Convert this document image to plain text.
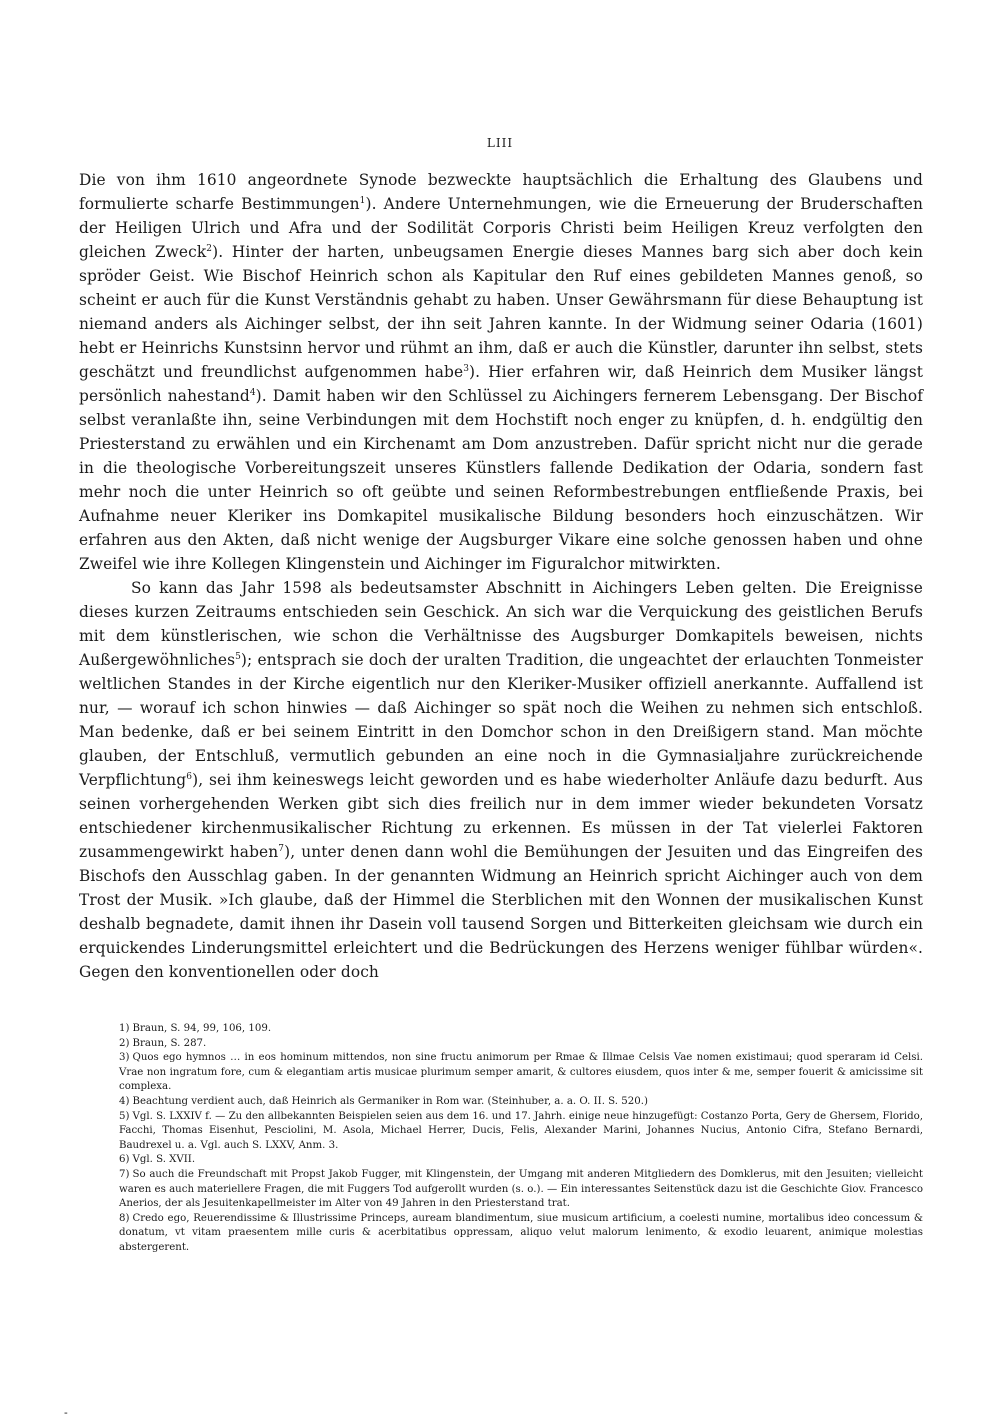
LIII

Die von ihm 1610 angeordnete Synode bezweckte hauptsächlich die Erhaltung des Glaubens und formulierte scharfe Bestimmungen$^1$). Andere Unternehmungen, wie die Erneuerung der Bruderschaften der Heiligen Ulrich und Afra und der Sodilität Corporis Christi beim Heiligen Kreuz verfolgten den gleichen Zweck$^2$). Hinter der harten, unbeugsamen Energie dieses Mannes barg sich aber doch kein spröder Geist. Wie Bischof Heinrich schon als Kapitular den Ruf eines gebildeten Mannes genoß, so scheint er auch für die Kunst Verständnis gehabt zu haben. Unser Gewährsmann für diese Behauptung ist niemand anders als Aichinger selbst, der ihn seit Jahren kannte. In der Widmung seiner Odaria (1601) hebt er Heinrichs Kunstsinn hervor und rühmt an ihm, daß er auch die Künstler, darunter ihn selbst, stets geschätzt und freundlichst aufgenommen habe$^3$). Hier erfahren wir, daß Heinrich dem Musiker längst persönlich nahestand$^4$). Damit haben wir den Schlüssel zu Aichingers fernerem Lebensgang. Der Bischof selbst veranlaßte ihn, seine Verbindungen mit dem Hochstift noch enger zu knüpfen, d. h. endgültig den Priesterstand zu erwählen und ein Kirchenamt am Dom anzustreben. Dafür spricht nicht nur die gerade in die theologische Vorbereitungszeit unseres Künstlers fallende Dedikation der Odaria, sondern fast mehr noch die unter Heinrich so oft geübte und seinen Reformbestrebungen entfließende Praxis, bei Aufnahme neuer Kleriker ins Domkapitel musikalische Bildung besonders hoch einzuschätzen. Wir erfahren aus den Akten, daß nicht wenige der Augsburger Vikare eine solche genossen haben und ohne Zweifel wie ihre Kollegen Klingenstein und Aichinger im Figuralchor mitwirkten.

So kann das Jahr 1598 als bedeutsamster Abschnitt in Aichingers Leben gelten. Die Ereignisse dieses kurzen Zeitraums entschieden sein Geschick. An sich war die Verquickung des geistlichen Berufs mit dem künstlerischen, wie schon die Verhältnisse des Augsburger Domkapitels beweisen, nichts Außergewöhnliches$^5$); entsprach sie doch der uralten Tradition, die ungeachtet der erlauchten Tonmeister weltlichen Standes in der Kirche eigentlich nur den Kleriker-Musiker offiziell anerkannte. Auffallend ist nur, — worauf ich schon hinwies — daß Aichinger so spät noch die Weihen zu nehmen sich entschloß. Man bedenke, daß er bei seinem Eintritt in den Domchor schon in den Dreißigern stand. Man möchte glauben, der Entschluß, vermutlich gebunden an eine noch in die Gymnasialjahre zurückreichende Verpflichtung$^6$), sei ihm keineswegs leicht geworden und es habe wiederholter Anläufe dazu bedurft. Aus seinen vorhergehenden Werken gibt sich dies freilich nur in dem immer wieder bekundeten Vorsatz entschiedener kirchenmusikalischer Richtung zu erkennen. Es müssen in der Tat vielerlei Faktoren zusammengewirkt haben$^7$), unter denen dann wohl die Bemühungen der Jesuiten und das Eingreifen des Bischofs den Ausschlag gaben. In der genannten Widmung an Heinrich spricht Aichinger auch von dem Trost der Musik. »Ich glaube, daß der Himmel die Sterblichen mit den Wonnen der musikalischen Kunst deshalb begnadete, damit ihnen ihr Dasein voll tausend Sorgen und Bitterkeiten gleichsam wie durch ein erquickendes Linderungsmittel erleichtert und die Bedrückungen des Herzens weniger fühlbar würden«. Gegen den konventionellen oder doch

1) Braun, S. 94, 99, 106, 109.

2) Braun, S. 287.

3) Quos ego hymnos … in eos hominum mittendos, non sine fructu animorum per Rmae & Illmae Celsis Vae nomen existimaui; quod speraram id Celsi. Vrae non ingratum fore, cum & elegantiam artis musicae plurimum semper amarit, & cultores eiusdem, quos inter & me, semper fouerit & amicissime sit complexa.

4) Beachtung verdient auch, daß Heinrich als Germaniker in Rom war. (Steinhuber, a. a. O. II. S. 520.)

5) Vgl. S. LXXIV f. — Zu den allbekannten Beispielen seien aus dem 16. und 17. Jahrh. einige neue hinzugefügt: Costanzo Porta, Gery de Ghersem, Florido, Facchi, Thomas Eisenhut, Pesciolini, M. Asola, Michael Herrer, Ducis, Felis, Alexander Marini, Johannes Nucius, Antonio Cifra, Stefano Bernardi, Baudrexel u. a. Vgl. auch S. LXXV, Anm. 3.

6) Vgl. S. XVII.

7) So auch die Freundschaft mit Propst Jakob Fugger, mit Klingenstein, der Umgang mit anderen Mitgliedern des Domklerus, mit den Jesuiten; vielleicht waren es auch materiellere Fragen, die mit Fuggers Tod aufgerollt wurden (s. o.). — Ein interessantes Seitenstück dazu ist die Geschichte Giov. Francesco Anerios, der als Jesuitenkapellmeister im Alter von 49 Jahren in den Priesterstand trat.

8) Credo ego, Reuerendissime & Illustrissime Princeps, auream blandimentum, siue musicum artificium, a coelesti numine, mortalibus ideo concessum & donatum, vt vitam praesentem mille curis & acerbitatibus oppressam, aliquo velut malorum lenimento, & exodio leuarent, animique molestias abstergerent.

-
